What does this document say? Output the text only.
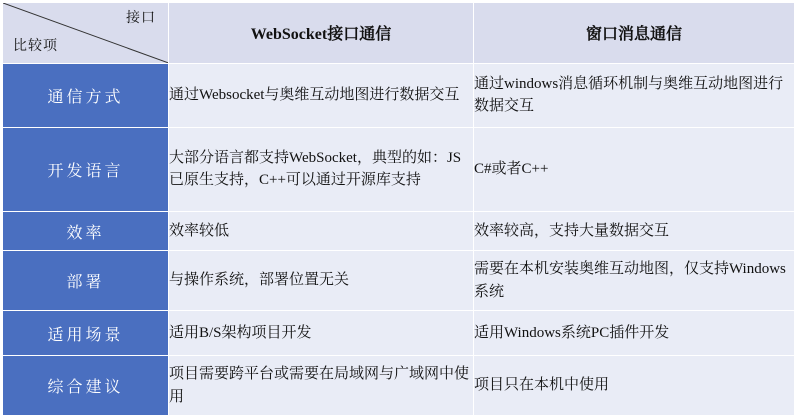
接口
比较项	WebSocket接口通信	窗口消息通信
通信方式	通过Websocket与奥维互动地图进行数据交互	通过windows消息循环机制与奥维互动地图进行数据交互
开发语言	大部分语言都支持WebSocket，典型的如：JS已原生支持，C++可以通过开源库支持	C#或者C++
效率	效率较低	效率较高，支持大量数据交互
部署	与操作系统，部署位置无关	需要在本机安装奥维互动地图，仅支持Windows系统
适用场景	适用B/S架构项目开发	适用Windows系统PC插件开发
综合建议	项目需要跨平台或需要在局域网与广域网中使用	项目只在本机中使用
